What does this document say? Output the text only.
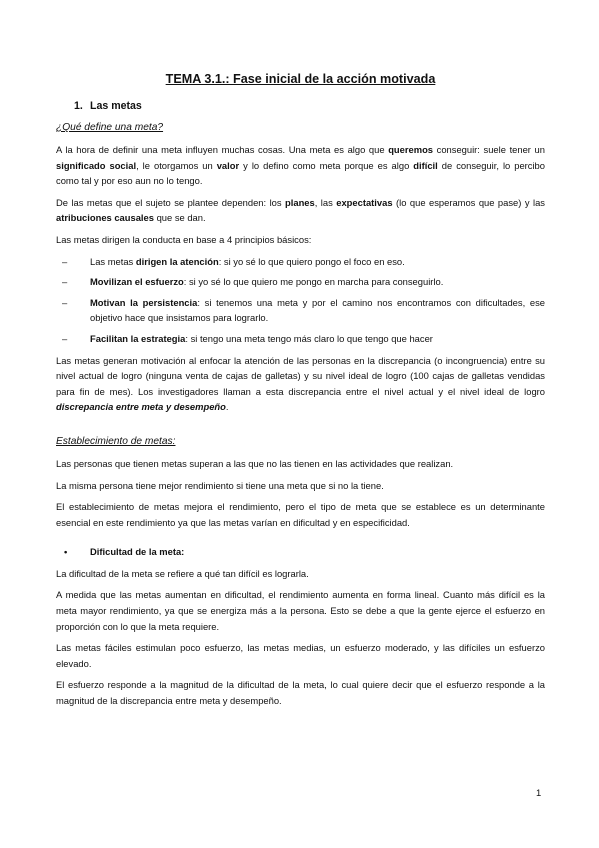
TEMA 3.1.: Fase inicial de la acción motivada
1. Las metas
¿Qué define una meta?

A la hora de definir una meta influyen muchas cosas. Una meta es algo que queremos conseguir: suele tener un significado social, le otorgamos un valor y lo defino como meta porque es algo difícil de conseguir, lo percibo como tal y por eso aun no lo tengo.

De las metas que el sujeto se plantee dependen: los planes, las expectativas (lo que esperamos que pase) y las atribuciones causales que se dan.

Las metas dirigen la conducta en base a 4 principios básicos:

– Las metas dirigen la atención: si yo sé lo que quiero pongo el foco en eso.
– Movilizan el esfuerzo: si yo sé lo que quiero me pongo en marcha para conseguirlo.
– Motivan la persistencia: si tenemos una meta y por el camino nos encontramos con dificultades, ese objetivo hace que insistamos para lograrlo.
– Facilitan la estrategia: si tengo una meta tengo más claro lo que tengo que hacer

Las metas generan motivación al enfocar la atención de las personas en la discrepancia (o incongruencia) entre su nivel actual de logro (ninguna venta de cajas de galletas) y su nivel ideal de logro (100 cajas de galletas vendidas para fin de mes). Los investigadores llaman a esta discrepancia entre el nivel actual y el nivel ideal de logro discrepancia entre meta y desempeño.

Establecimiento de metas:

Las personas que tienen metas superan a las que no las tienen en las actividades que realizan.

La misma persona tiene mejor rendimiento si tiene una meta que si no la tiene.

El establecimiento de metas mejora el rendimiento, pero el tipo de meta que se establece es un determinante esencial en este rendimiento ya que las metas varían en dificultad y en especificidad.

• Dificultad de la meta:

La dificultad de la meta se refiere a qué tan difícil es lograrla.

A medida que las metas aumentan en dificultad, el rendimiento aumenta en forma lineal. Cuanto más difícil es la meta mayor rendimiento, ya que se energiza más a la persona. Esto se debe a que la gente ejerce el esfuerzo en proporción con lo que la meta requiere.

Las metas fáciles estimulan poco esfuerzo, las metas medias, un esfuerzo moderado, y las difíciles un esfuerzo elevado.

El esfuerzo responde a la magnitud de la dificultad de la meta, lo cual quiere decir que el esfuerzo responde a la magnitud de la discrepancia entre meta y desempeño.

1
